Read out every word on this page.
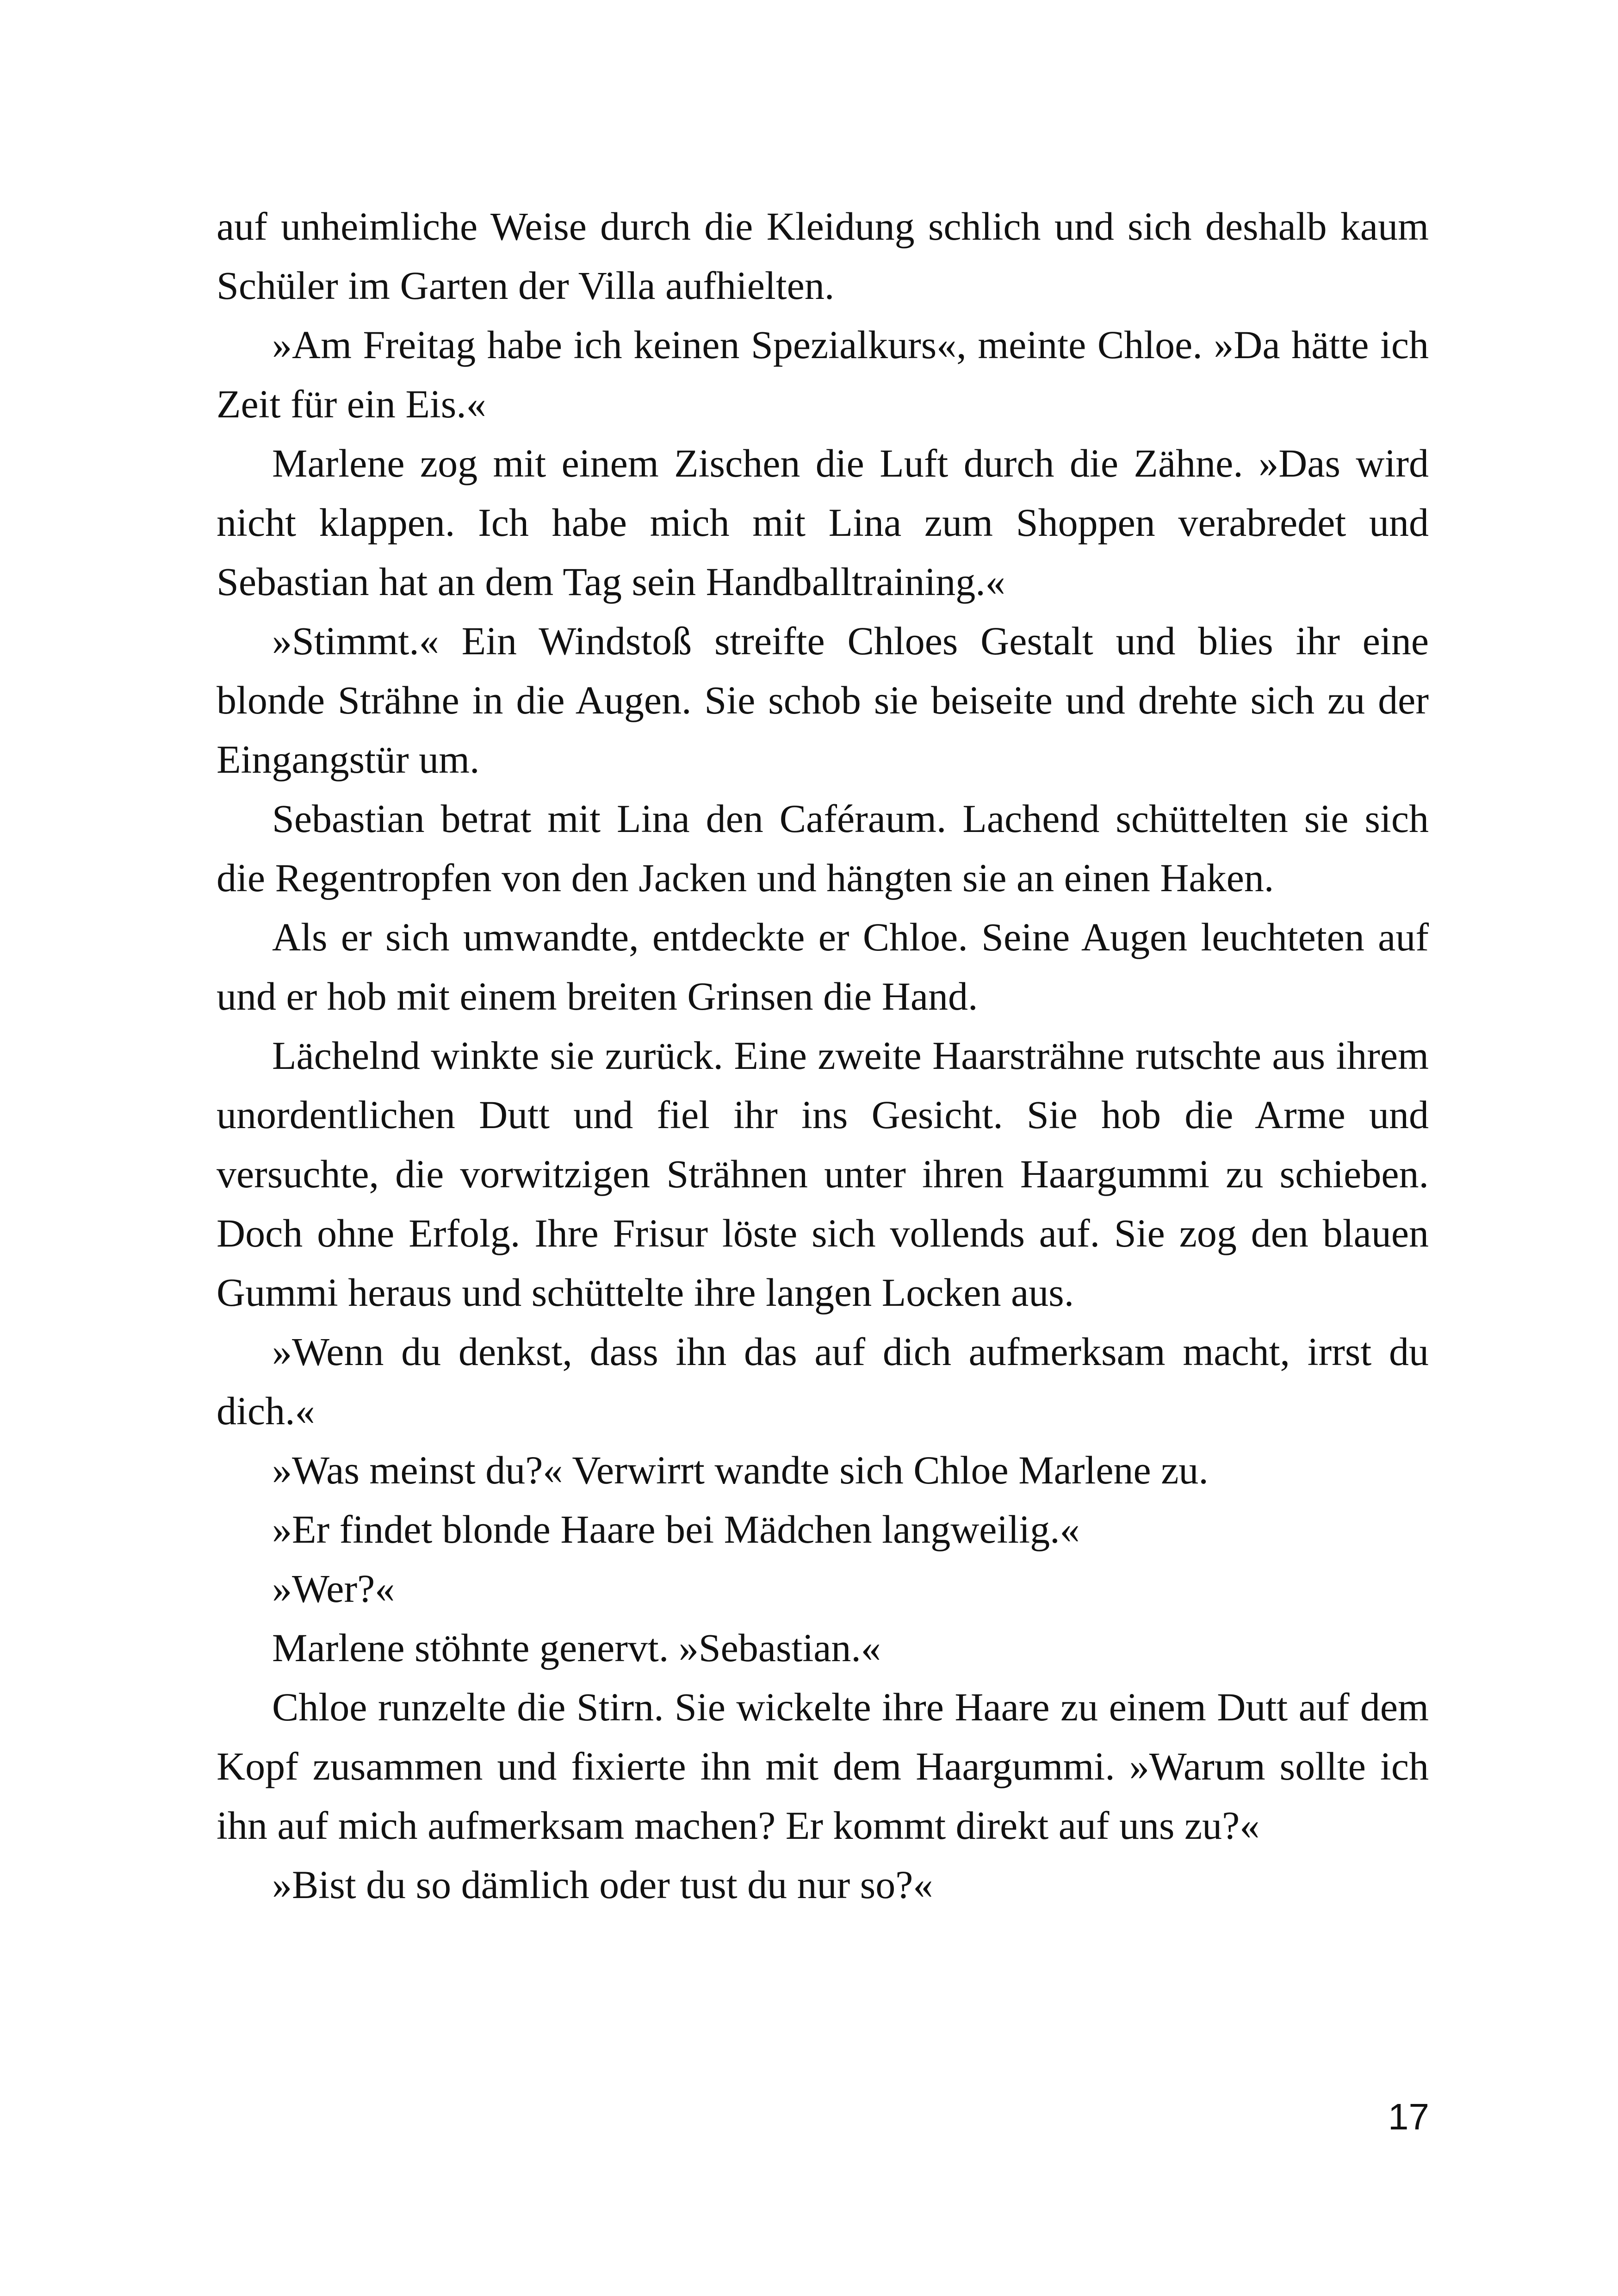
auf unheimliche Weise durch die Kleidung schlich und sich deshalb kaum Schüler im Garten der Villa aufhielten.

»Am Freitag habe ich keinen Spezialkurs«, meinte Chloe. »Da hätte ich Zeit für ein Eis.«

Marlene zog mit einem Zischen die Luft durch die Zähne. »Das wird nicht klappen. Ich habe mich mit Lina zum Shoppen verabredet und Sebastian hat an dem Tag sein Handballtraining.«

»Stimmt.« Ein Windstoß streifte Chloes Gestalt und blies ihr eine blonde Strähne in die Augen. Sie schob sie beiseite und drehte sich zu der Eingangstür um.

Sebastian betrat mit Lina den Caféraum. Lachend schüttelten sie sich die Regentropfen von den Jacken und hängten sie an einen Haken.

Als er sich umwandte, entdeckte er Chloe. Seine Augen leuchteten auf und er hob mit einem breiten Grinsen die Hand.

Lächelnd winkte sie zurück. Eine zweite Haarsträhne rutschte aus ihrem unordentlichen Dutt und fiel ihr ins Gesicht. Sie hob die Arme und versuchte, die vorwitzigen Strähnen unter ihren Haargummi zu schieben. Doch ohne Erfolg. Ihre Frisur löste sich vollends auf. Sie zog den blauen Gummi heraus und schüttelte ihre langen Locken aus.

»Wenn du denkst, dass ihn das auf dich aufmerksam macht, irrst du dich.«

»Was meinst du?« Verwirrt wandte sich Chloe Marlene zu.

»Er findet blonde Haare bei Mädchen langweilig.«

»Wer?«

Marlene stöhnte genervt. »Sebastian.«

Chloe runzelte die Stirn. Sie wickelte ihre Haare zu einem Dutt auf dem Kopf zusammen und fixierte ihn mit dem Haargummi. »Warum sollte ich ihn auf mich aufmerksam machen? Er kommt direkt auf uns zu?«

»Bist du so dämlich oder tust du nur so?«

17
